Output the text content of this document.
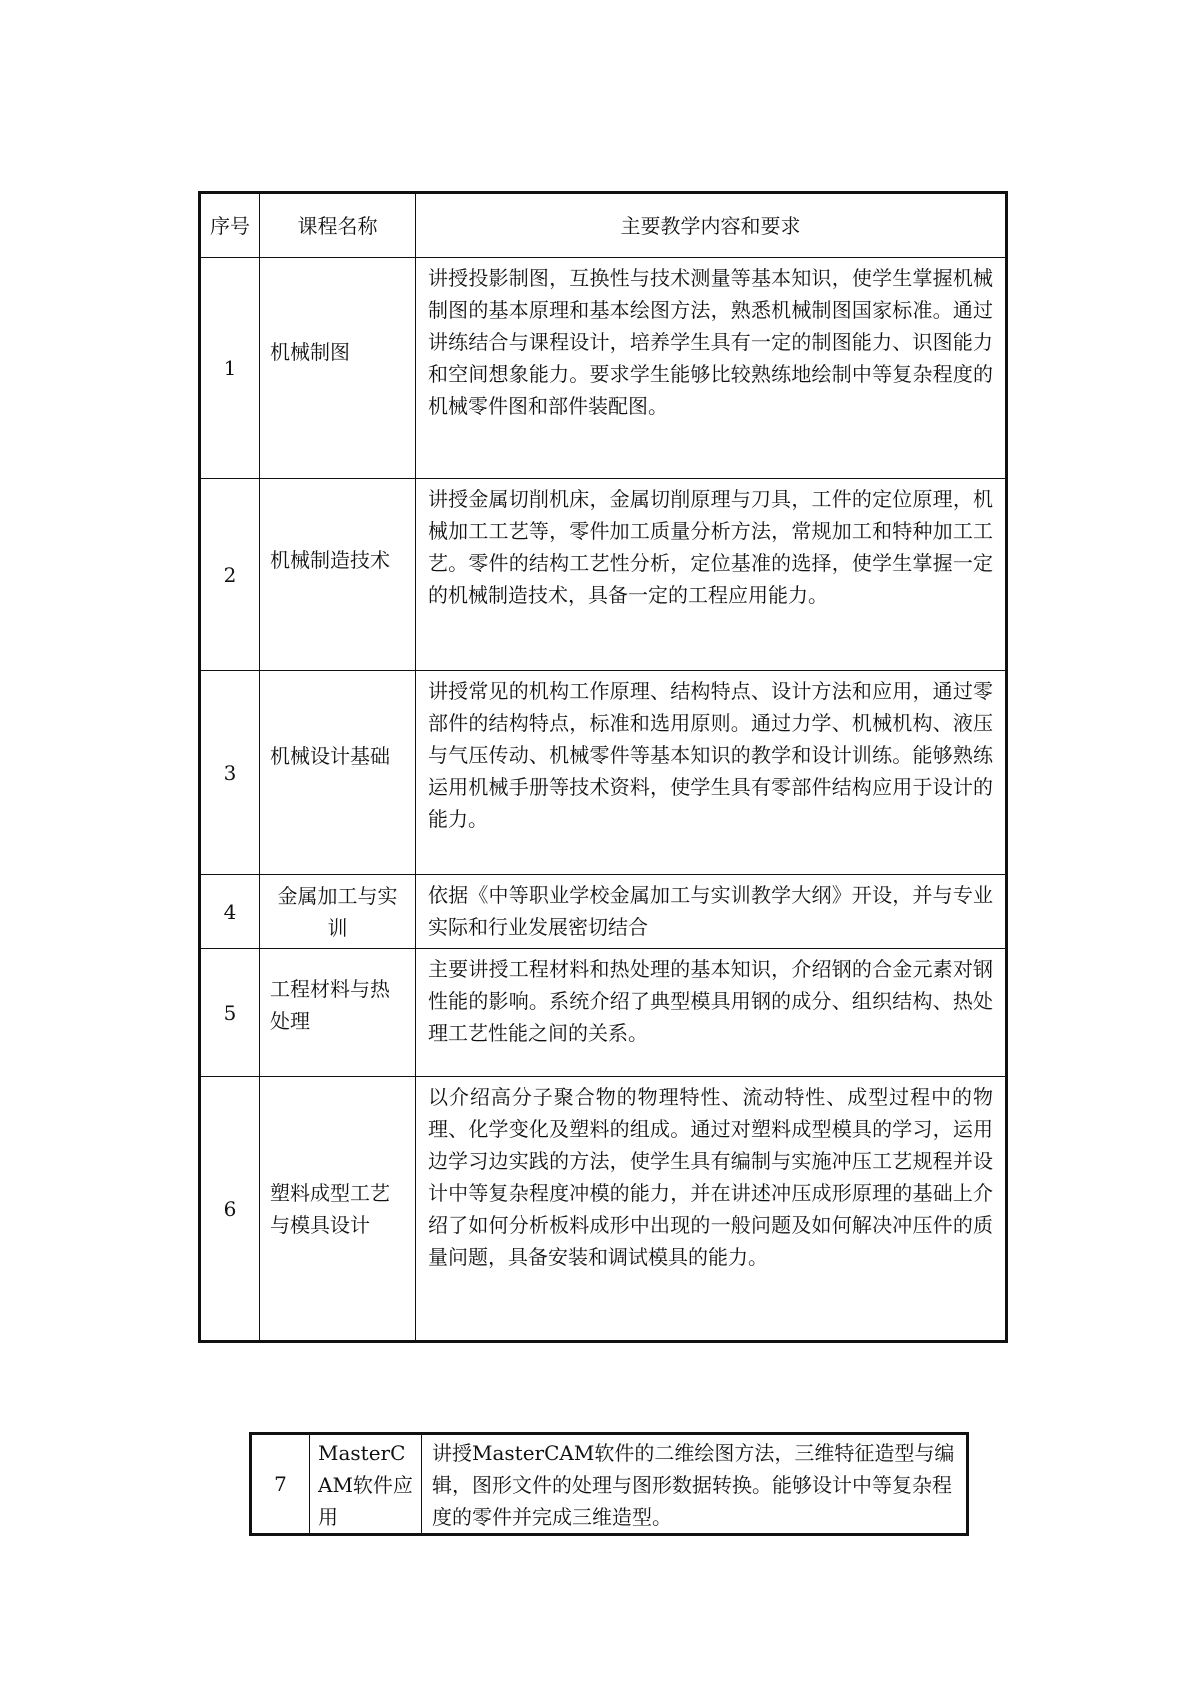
序号	课程名称	主要教学内容和要求
1	机械制图	讲授投影制图，互换性与技术测量等基本知识，使学生掌握机械制图的基本原理和基本绘图方法，熟悉机械制图国家标准。通过讲练结合与课程设计，培养学生具有一定的制图能力、识图能力和空间想象能力。要求学生能够比较熟练地绘制中等复杂程度的机械零件图和部件装配图。
2	机械制造技术	讲授金属切削机床，金属切削原理与刀具，工件的定位原理，机械加工工艺等，零件加工质量分析方法，常规加工和特种加工工艺。零件的结构工艺性分析，定位基准的选择，使学生掌握一定的机械制造技术，具备一定的工程应用能力。
3	机械设计基础	讲授常见的机构工作原理、结构特点、设计方法和应用，通过零部件的结构特点，标准和选用原则。通过力学、机械机构、液压与气压传动、机械零件等基本知识的教学和设计训练。能够熟练运用机械手册等技术资料，使学生具有零部件结构应用于设计的能力。
4	金属加工与实训	依据《中等职业学校金属加工与实训教学大纲》开设，并与专业实际和行业发展密切结合
5	工程材料与热处理	主要讲授工程材料和热处理的基本知识，介绍钢的合金元素对钢性能的影响。系统介绍了典型模具用钢的成分、组织结构、热处理工艺性能之间的关系。
6	塑料成型工艺与模具设计	以介绍高分子聚合物的物理特性、流动特性、成型过程中的物理、化学变化及塑料的组成。通过对塑料成型模具的学习，运用边学习边实践的方法，使学生具有编制与实施冲压工艺规程并设计中等复杂程度冲模的能力，并在讲述冲压成形原理的基础上介绍了如何分析板料成形中出现的一般问题及如何解决冲压件的质量问题，具备安装和调试模具的能力。
7	MasterCAM软件应用	讲授MasterCAM软件的二维绘图方法，三维特征造型与编辑，图形文件的处理与图形数据转换。能够设计中等复杂程度的零件并完成三维造型。
